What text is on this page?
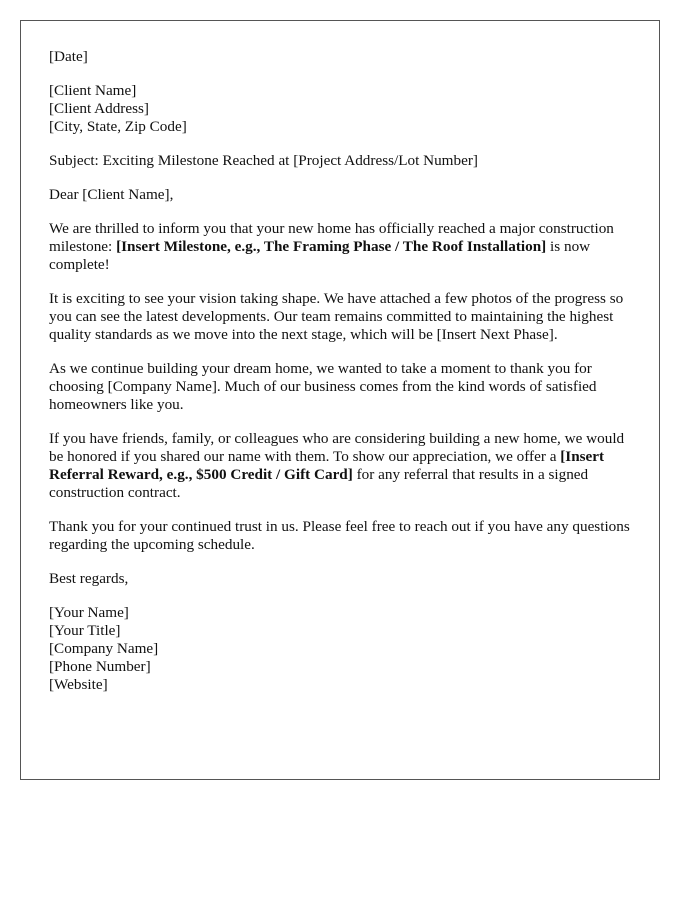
[Date]
[Client Name]
[Client Address]
[City, State, Zip Code]

Subject: Exciting Milestone Reached at [Project Address/Lot Number]

Dear [Client Name],

We are thrilled to inform you that your new home has officially reached a major construction milestone: [Insert Milestone, e.g., The Framing Phase / The Roof Installation] is now complete!

It is exciting to see your vision taking shape. We have attached a few photos of the progress so you can see the latest developments. Our team remains committed to maintaining the highest quality standards as we move into the next stage, which will be [Insert Next Phase].

As we continue building your dream home, we wanted to take a moment to thank you for choosing [Company Name]. Much of our business comes from the kind words of satisfied homeowners like you.

If you have friends, family, or colleagues who are considering building a new home, we would be honored if you shared our name with them. To show our appreciation, we offer a [Insert Referral Reward, e.g., $500 Credit / Gift Card] for any referral that results in a signed construction contract.

Thank you for your continued trust in us. Please feel free to reach out if you have any questions regarding the upcoming schedule.

Best regards,

[Your Name]
[Your Title]
[Company Name]
[Phone Number]
[Website]
